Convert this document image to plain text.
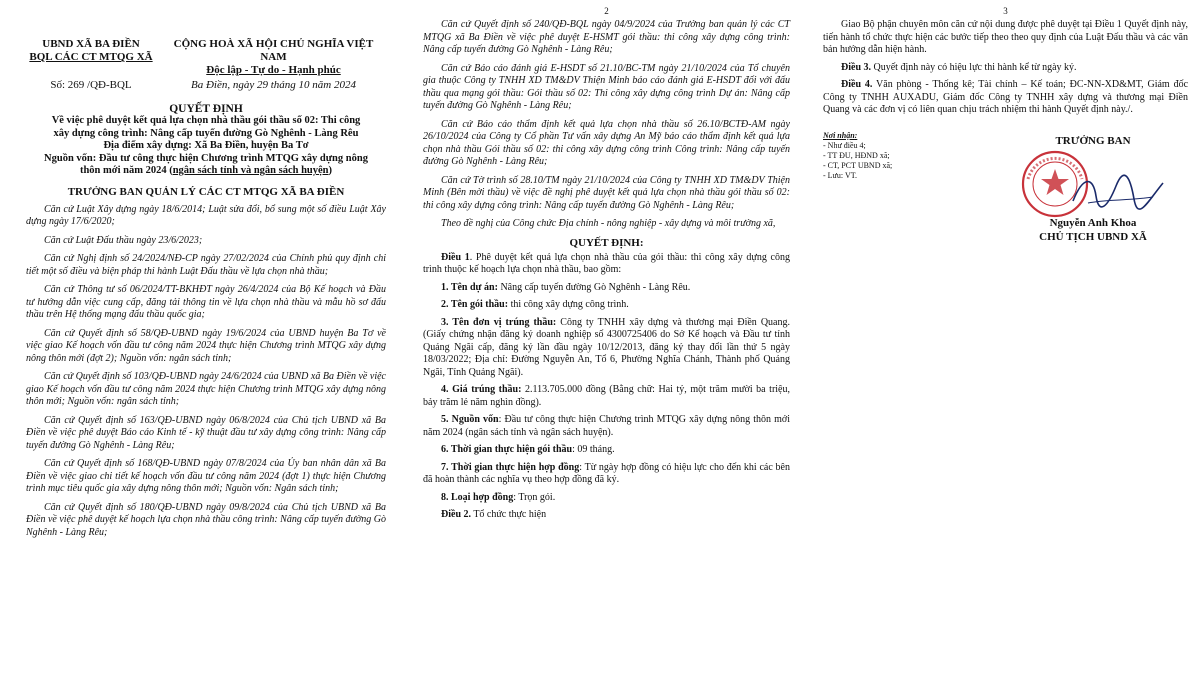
UBND XÃ BA ĐIỀN
BQL CÁC CT MTQG XÃ
CỘNG HOÀ XÃ HỘI CHỦ NGHĨA VIỆT NAM
Độc lập - Tự do - Hạnh phúc
Số: 269 /QĐ-BQL	Ba Điền, ngày 29 tháng 10 năm 2024
QUYẾT ĐỊNH
Về việc phê duyệt kết quả lựa chọn nhà thầu gói thầu số 02: Thi công
xây dựng công trình: Nâng cấp tuyến đường Gò Nghênh - Làng Rêu
Địa điểm xây dựng: Xã Ba Điền, huyện Ba Tơ
Nguồn vốn: Đầu tư công thực hiện Chương trình MTQG xây dựng nông
thôn mới năm 2024 (ngân sách tỉnh và ngân sách huyện)
TRƯỞNG BAN QUẢN LÝ CÁC CT MTQG XÃ BA ĐIỀN

Căn cứ Luật Xây dựng ngày 18/6/2014; Luật sửa đổi, bổ sung một số điều Luật Xây dựng ngày 17/6/2020;

Căn cứ Luật Đấu thầu ngày 23/6/2023;

Căn cứ Nghị định số 24/2024/NĐ-CP ngày 27/02/2024 của Chính phủ quy định chi tiết một số điều và biện pháp thi hành Luật Đấu thầu về lựa chọn nhà thầu;

Căn cứ Thông tư số 06/2024/TT-BKHĐT ngày 26/4/2024 của Bộ Kế hoạch và Đầu tư hướng dẫn việc cung cấp, đăng tải thông tin về lựa chọn nhà thầu và mẫu hồ sơ đấu thầu trên Hệ thống mạng đấu thầu quốc gia;

Căn cứ Quyết định số 58/QĐ-UBND ngày 19/6/2024 của UBND huyện Ba Tơ về việc giao Kế hoạch vốn đầu tư công năm 2024 thực hiện Chương trình MTQG xây dựng nông thôn mới (đợt 2); Nguồn vốn: ngân sách tỉnh;

Căn cứ Quyết định số 103/QĐ-UBND ngày 24/6/2024 của UBND xã Ba Điền về việc giao Kế hoạch vốn đầu tư công năm 2024 thực hiện Chương trình MTQG xây dựng nông thôn mới; Nguồn vốn: ngân sách tỉnh;

Căn cứ Quyết định số 163/QĐ-UBND ngày 06/8/2024 của Chủ tịch UBND xã Ba Điền về việc phê duyệt Báo cáo Kinh tế - kỹ thuật đầu tư xây dựng công trình: Nâng cấp tuyến đường Gò Nghênh - Làng Rêu;

Căn cứ Quyết định số 168/QĐ-UBND ngày 07/8/2024 của Ủy ban nhân dân xã Ba Điền về việc giao chi tiết kế hoạch vốn đầu tư công năm 2024 (đợt 1) thực hiện Chương trình mục tiêu quốc gia xây dựng nông thôn mới; Nguồn vốn: Ngân sách tỉnh;

Căn cứ Quyết định số 180/QĐ-UBND ngày 09/8/2024 của Chủ tịch UBND xã Ba Điền về việc phê duyệt kế hoạch lựa chọn nhà thầu công trình: Nâng cấp tuyến đường Gò Nghênh - Làng Rêu;

2

Căn cứ Quyết định số 240/QĐ-BQL ngày 04/9/2024 của Trưởng ban quản lý các CT MTQG xã Ba Điền về việc phê duyệt E-HSMT gói thầu: thi công xây dựng công trình: Nâng cấp tuyến đường Gò Nghênh - Làng Rêu;

Căn cứ Báo cáo đánh giá E-HSDT số 21.10/BC-TM ngày 21/10/2024 của Tổ chuyên gia thuộc Công ty TNHH XD TM&DV Thiện Minh báo cáo đánh giá E-HSDT đối với đấu thầu qua mạng gói thầu: Gói thầu số 02: Thi công xây dựng công trình Dự án: Nâng cấp tuyến đường Gò Nghênh - Làng Rêu;

Căn cứ Báo cáo thẩm định kết quả lựa chọn nhà thầu số 26.10/BCTĐ-AM ngày 26/10/2024 của Công ty Cổ phần Tư vấn xây dựng An Mỹ báo cáo thẩm định kết quả lựa chọn nhà thầu Gói thầu số 02: thi công xây dựng công trình Công trình: Nâng cấp tuyến đường Gò Nghênh - Làng Rêu;

Căn cứ Tờ trình số 28.10/TM ngày 21/10/2024 của Công ty TNHH XD TM&DV Thiện Minh (Bên mời thầu) về việc đề nghị phê duyệt kết quả lựa chọn nhà thầu gói thầu số 02: thi công xây dựng công trình: Nâng cấp tuyến đường Gò Nghênh - Làng Rêu;

Theo đề nghị của Công chức Địa chính - nông nghiệp - xây dựng và môi trường xã,

QUYẾT ĐỊNH:

Điều 1. Phê duyệt kết quả lựa chọn nhà thầu của gói thầu: thi công xây dựng công trình thuộc kế hoạch lựa chọn nhà thầu, bao gồm:

1. Tên dự án: Nâng cấp tuyến đường Gò Nghênh - Làng Rêu.

2. Tên gói thầu: thi công xây dựng công trình.

3. Tên đơn vị trúng thầu: Công ty TNHH xây dựng và thương mại Điền Quang. (Giấy chứng nhận đăng ký doanh nghiệp số 4300725406 do Sở Kế hoạch và Đầu tư tỉnh Quảng Ngãi cấp, đăng ký lần đầu ngày 10/12/2013, đăng ký thay đổi lần thứ 5 ngày 18/03/2022; Địa chỉ: Đường Nguyễn An, Tổ 6, Phường Nghĩa Chánh, Thành phố Quảng Ngãi, Tỉnh Quảng Ngãi).

4. Giá trúng thầu: 2.113.705.000 đồng (Bằng chữ: Hai tỷ, một trăm mười ba triệu, bảy trăm lẻ năm nghìn đồng).

5. Nguồn vốn: Đầu tư công thực hiện Chương trình MTQG xây dựng nông thôn mới năm 2024 (ngân sách tỉnh và ngân sách huyện).

6. Thời gian thực hiện gói thầu: 09 tháng.

7. Thời gian thực hiện hợp đồng: Từ ngày hợp đồng có hiệu lực cho đến khi các bên đã hoàn thành các nghĩa vụ theo hợp đồng đã ký.

8. Loại hợp đồng: Trọn gói.

Điều 2. Tổ chức thực hiện

3

Giao Bộ phận chuyên môn căn cứ nội dung được phê duyệt tại Điều 1 Quyết định này, tiến hành tổ chức thực hiện các bước tiếp theo theo quy định của Luật Đấu thầu và các văn bản hướng dẫn hiện hành.

Điều 3. Quyết định này có hiệu lực thi hành kể từ ngày ký.

Điều 4. Văn phòng - Thống kê; Tài chính – Kế toán; ĐC-NN-XD&MT, Giám đốc Công ty TNHH AUXADU, Giám đốc Công ty TNHH xây dựng và thương mại Điền Quang và các đơn vị có liên quan chịu trách nhiệm thi hành Quyết định này./.

Nơi nhận:
- Như điều 4;
- TT ĐU, HĐND xã;
- CT, PCT UBND xã;
- Lưu: VT.
TRƯỞNG BAN
Nguyễn Anh Khoa
CHỦ TỊCH UBND XÃ
